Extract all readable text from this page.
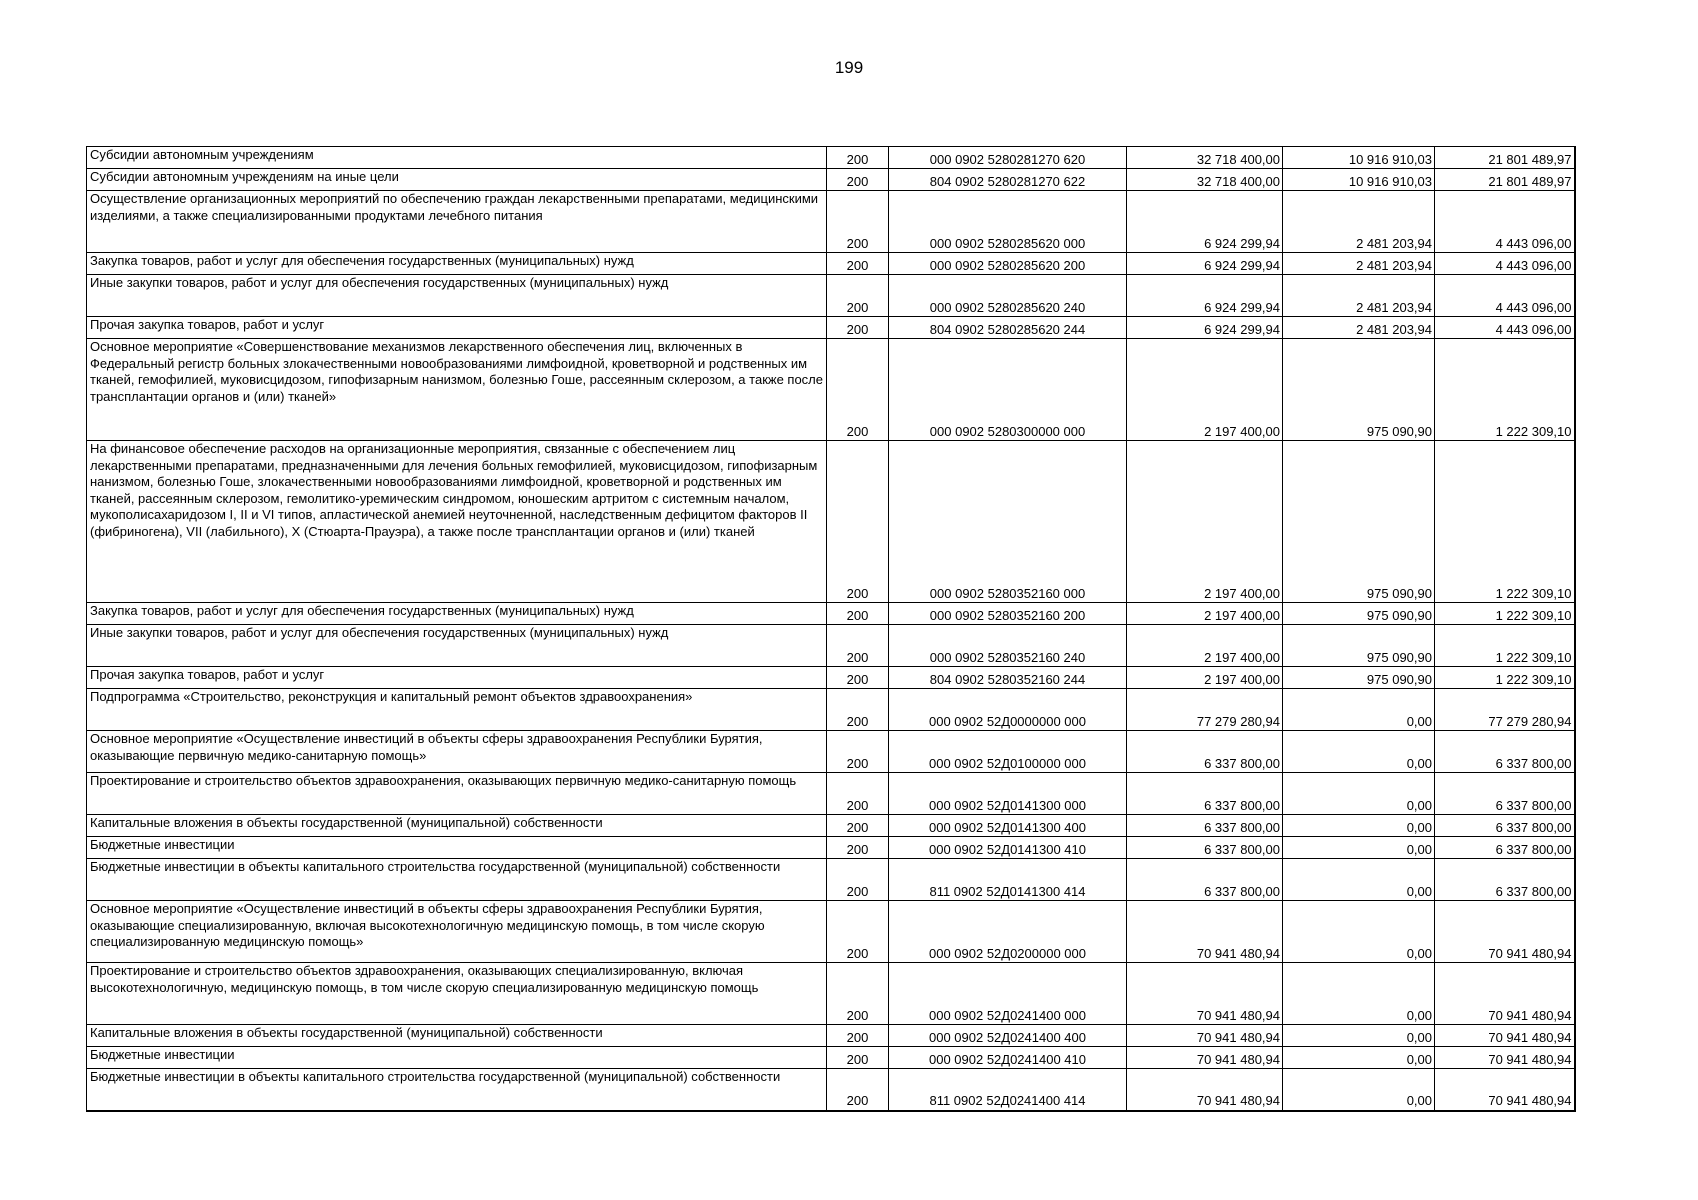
199
Субсидии автономным учреждениям	200	000 0902 5280281270 620	32 718 400,00	10 916 910,03	21 801 489,97
Субсидии автономным учреждениям на иные цели	200	804 0902 5280281270 622	32 718 400,00	10 916 910,03	21 801 489,97
Осуществление организационных мероприятий по обеспечению граждан лекарственными препаратами, медицинскими изделиями, а также специализированными продуктами лечебного питания	200	000 0902 5280285620 000	6 924 299,94	2 481 203,94	4 443 096,00
Закупка товаров, работ и услуг для обеспечения государственных (муниципальных) нужд	200	000 0902 5280285620 200	6 924 299,94	2 481 203,94	4 443 096,00
Иные закупки товаров, работ и услуг для обеспечения государственных (муниципальных) нужд	200	000 0902 5280285620 240	6 924 299,94	2 481 203,94	4 443 096,00
Прочая закупка товаров, работ и услуг	200	804 0902 5280285620 244	6 924 299,94	2 481 203,94	4 443 096,00
Основное мероприятие «Совершенствование механизмов лекарственного обеспечения лиц, включенных в Федеральный регистр больных злокачественными новообразованиями лимфоидной, кроветворной и родственных им тканей, гемофилией, муковисцидозом, гипофизарным нанизмом, болезнью Гоше, рассеянным склерозом, а также после трансплантации органов и (или) тканей»	200	000 0902 5280300000 000	2 197 400,00	975 090,90	1 222 309,10
На финансовое обеспечение расходов на организационные мероприятия, связанные с обеспечением лиц лекарственными препаратами, предназначенными для лечения больных гемофилией, муковисцидозом, гипофизарным нанизмом, болезнью Гоше, злокачественными новообразованиями лимфоидной, кроветворной и родственных им тканей, рассеянным склерозом, гемолитико-уремическим синдромом, юношеским артритом с системным началом, мукополисахаридозом I, II и VI типов, апластической анемией неуточненной, наследственным дефицитом факторов II (фибриногена), VII (лабильного), X (Стюарта-Прауэра), а также после трансплантации органов и (или) тканей	200	000 0902 5280352160 000	2 197 400,00	975 090,90	1 222 309,10
Закупка товаров, работ и услуг для обеспечения государственных (муниципальных) нужд	200	000 0902 5280352160 200	2 197 400,00	975 090,90	1 222 309,10
Иные закупки товаров, работ и услуг для обеспечения государственных (муниципальных) нужд	200	000 0902 5280352160 240	2 197 400,00	975 090,90	1 222 309,10
Прочая закупка товаров, работ и услуг	200	804 0902 5280352160 244	2 197 400,00	975 090,90	1 222 309,10
Подпрограмма «Строительство, реконструкция и капитальный ремонт объектов здравоохранения»	200	000 0902 52Д0000000 000	77 279 280,94	0,00	77 279 280,94
Основное мероприятие «Осуществление инвестиций в объекты сферы здравоохранения Республики Бурятия, оказывающие первичную медико-санитарную помощь»	200	000 0902 52Д0100000 000	6 337 800,00	0,00	6 337 800,00
Проектирование и строительство объектов здравоохранения, оказывающих первичную медико-санитарную помощь	200	000 0902 52Д0141300 000	6 337 800,00	0,00	6 337 800,00
Капитальные вложения в объекты государственной (муниципальной) собственности	200	000 0902 52Д0141300 400	6 337 800,00	0,00	6 337 800,00
Бюджетные инвестиции	200	000 0902 52Д0141300 410	6 337 800,00	0,00	6 337 800,00
Бюджетные инвестиции в объекты капитального строительства государственной (муниципальной) собственности	200	811 0902 52Д0141300 414	6 337 800,00	0,00	6 337 800,00
Основное мероприятие «Осуществление инвестиций в объекты сферы здравоохранения Республики Бурятия, оказывающие специализированную, включая высокотехнологичную медицинскую помощь, в том числе скорую специализированную медицинскую помощь»	200	000 0902 52Д0200000 000	70 941 480,94	0,00	70 941 480,94
Проектирование и строительство объектов здравоохранения, оказывающих специализированную, включая высокотехнологичную, медицинскую помощь, в том числе скорую специализированную медицинскую помощь	200	000 0902 52Д0241400 000	70 941 480,94	0,00	70 941 480,94
Капитальные вложения в объекты государственной (муниципальной) собственности	200	000 0902 52Д0241400 400	70 941 480,94	0,00	70 941 480,94
Бюджетные инвестиции	200	000 0902 52Д0241400 410	70 941 480,94	0,00	70 941 480,94
Бюджетные инвестиции в объекты капитального строительства государственной (муниципальной) собственности	200	811 0902 52Д0241400 414	70 941 480,94	0,00	70 941 480,94
